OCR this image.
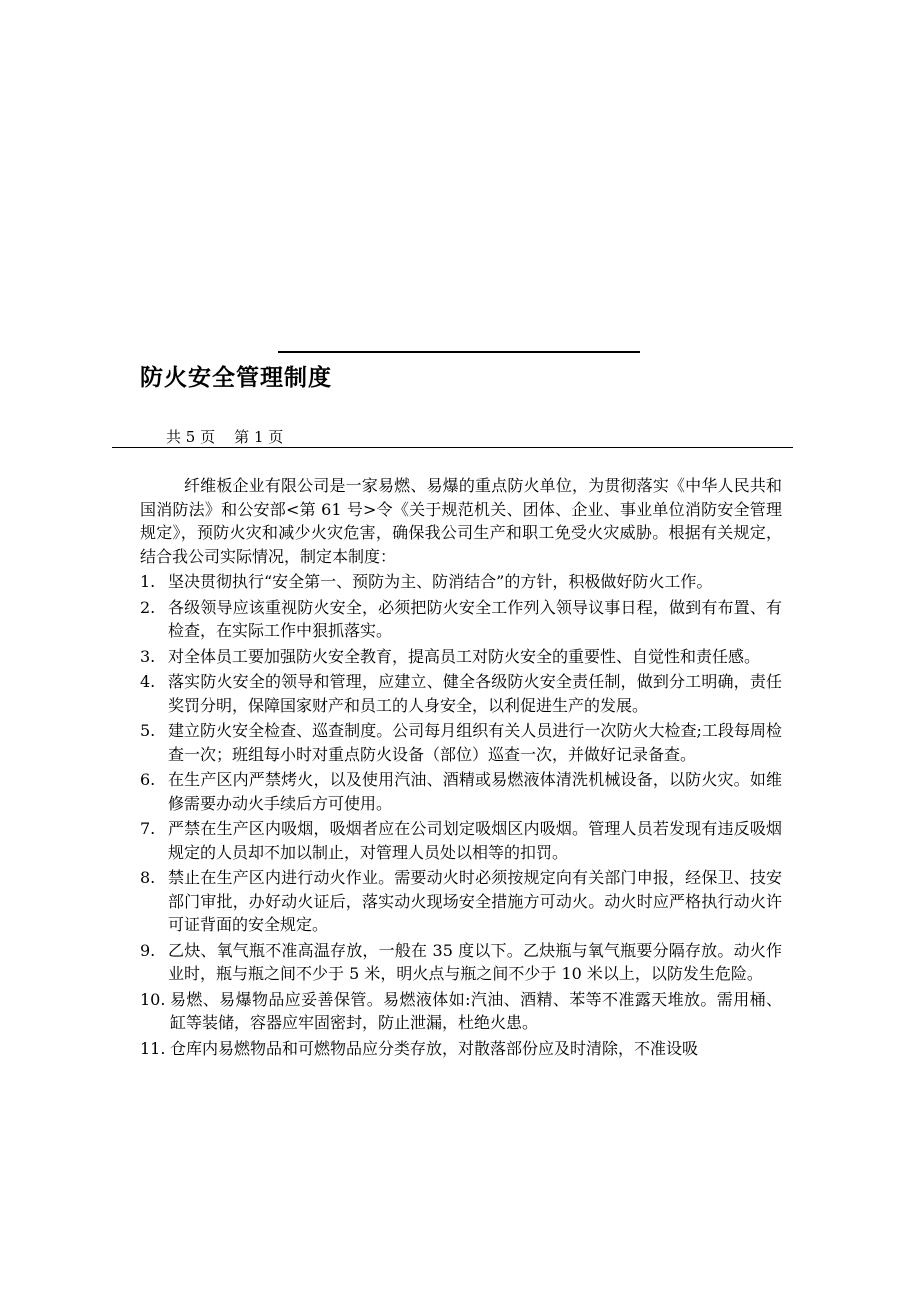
防火安全管理制度
共 5 页 第 1 页

纤维板企业有限公司是一家易燃、易爆的重点防火单位，为贯彻落实《中华人民共和国消防法》和公安部<第 61 号>令《关于规范机关、团体、企业、事业单位消防安全管理规定》，预防火灾和减少火灾危害，确保我公司生产和职工免受火灾威胁。根据有关规定，结合我公司实际情况，制定本制度：

1. 坚决贯彻执行“安全第一、预防为主、防消结合”的方针，积极做好防火工作。
2. 各级领导应该重视防火安全，必须把防火安全工作列入领导议事日程，做到有布置、有检查，在实际工作中狠抓落实。
3. 对全体员工要加强防火安全教育，提高员工对防火安全的重要性、自觉性和责任感。
4. 落实防火安全的领导和管理，应建立、健全各级防火安全责任制，做到分工明确，责任奖罚分明，保障国家财产和员工的人身安全，以利促进生产的发展。
5. 建立防火安全检查、巡查制度。公司每月组织有关人员进行一次防火大检查;工段每周检查一次；班组每小时对重点防火设备（部位）巡查一次，并做好记录备查。
6. 在生产区内严禁烤火，以及使用汽油、酒精或易燃液体清洗机械设备，以防火灾。如维修需要办动火手续后方可使用。
7. 严禁在生产区内吸烟，吸烟者应在公司划定吸烟区内吸烟。管理人员若发现有违反吸烟规定的人员却不加以制止，对管理人员处以相等的扣罚。
8. 禁止在生产区内进行动火作业。需要动火时必须按规定向有关部门申报，经保卫、技安部门审批，办好动火证后，落实动火现场安全措施方可动火。动火时应严格执行动火许可证背面的安全规定。
9. 乙炔、氧气瓶不准高温存放，一般在 35 度以下。乙炔瓶与氧气瓶要分隔存放。动火作业时，瓶与瓶之间不少于 5 米，明火点与瓶之间不少于 10 米以上，以防发生危险。
10. 易燃、易爆物品应妥善保管。易燃液体如:汽油、酒精、苯等不准露天堆放。需用桶、缸等装储，容器应牢固密封，防止泄漏，杜绝火患。
11. 仓库内易燃物品和可燃物品应分类存放，对散落部份应及时清除，不准设吸
